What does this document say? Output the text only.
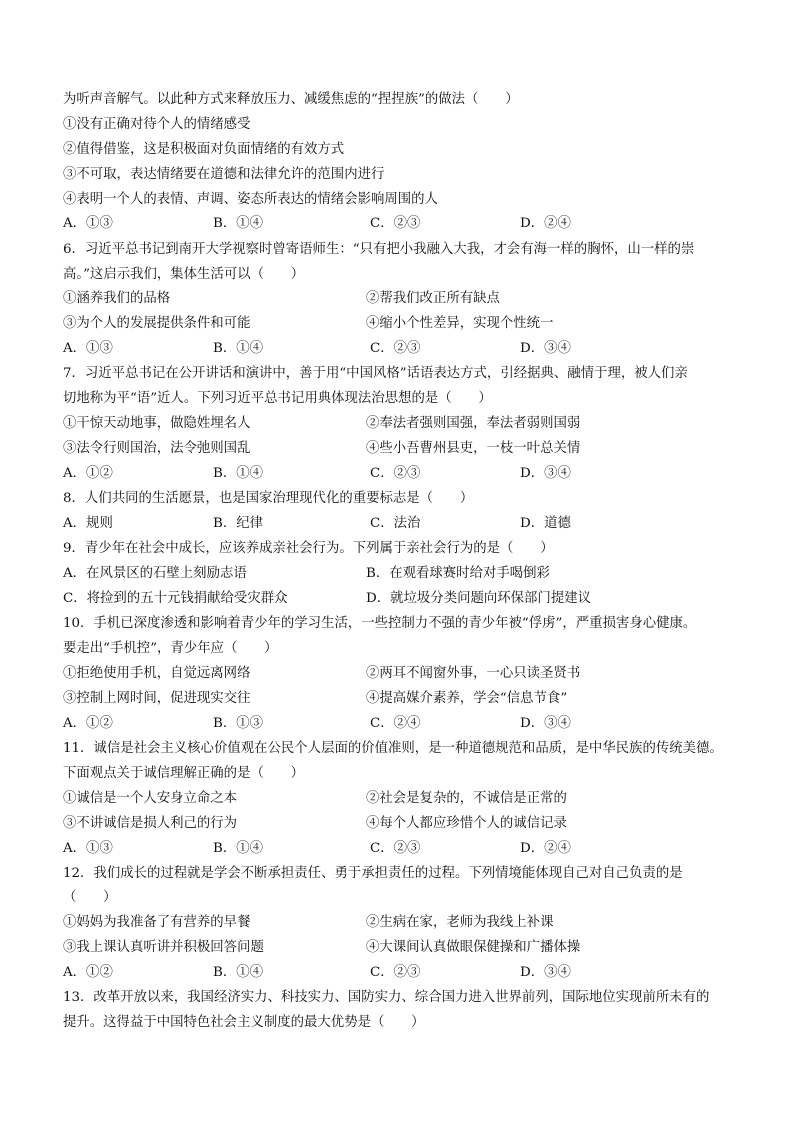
为听声音解气。以此种方式来释放压力、减缓焦虑的“捏捏族”的做法（　　）
①没有正确对待个人的情绪感受
②值得借鉴，这是积极面对负面情绪的有效方式
③不可取，表达情绪要在道德和法律允许的范围内进行
④表明一个人的表情、声调、姿态所表达的情绪会影响周围的人
A．①③	B．①④	C．②③	D．②④
6．习近平总书记到南开大学视察时曾寄语师生：“只有把小我融入大我，才会有海一样的胸怀，山一样的崇
高。”这启示我们，集体生活可以（　　）
①涵养我们的品格	②帮我们改正所有缺点
③为个人的发展提供条件和可能	④缩小个性差异，实现个性统一
A．①③	B．①④	C．②③	D．③④
7．习近平总书记在公开讲话和演讲中，善于用“中国风格”话语表达方式，引经据典、融情于理，被人们亲
切地称为平“语”近人。下列习近平总书记用典体现法治思想的是（　　）
①干惊天动地事，做隐姓埋名人	②奉法者强则国强，奉法者弱则国弱
③法令行则国治，法令弛则国乱	④些小吾曹州县吏，一枝一叶总关情
A．①②	B．①④	C．②③	D．③④
8．人们共同的生活愿景，也是国家治理现代化的重要标志是（　　）
A．规则	B．纪律	C．法治	D．道德
9．青少年在社会中成长，应该养成亲社会行为。下列属于亲社会行为的是（　　）
A．在风景区的石壁上刻励志语	B．在观看球赛时给对手喝倒彩
C．将捡到的五十元钱捐献给受灾群众	D．就垃圾分类问题向环保部门提建议
10．手机已深度渗透和影响着青少年的学习生活，一些控制力不强的青少年被“俘虏”，严重损害身心健康。
要走出“手机控”，青少年应（　　）
①拒绝使用手机，自觉远离网络	②两耳不闻窗外事，一心只读圣贤书
③控制上网时间，促进现实交往	④提高媒介素养，学会“信息节食”
A．①②	B．①③	C．②④	D．③④
11．诚信是社会主义核心价值观在公民个人层面的价值准则，是一种道德规范和品质，是中华民族的传统美德。
下面观点关于诚信理解正确的是（　　）
①诚信是一个人安身立命之本	②社会是复杂的，不诚信是正常的
③不讲诚信是损人利己的行为	④每个人都应珍惜个人的诚信记录
A．①③	B．①④	C．②③	D．②④
12．我们成长的过程就是学会不断承担责任、勇于承担责任的过程。下列情境能体现自己对自己负责的是
（　　）
①妈妈为我准备了有营养的早餐	②生病在家，老师为我线上补课
③我上课认真听讲并积极回答问题	④大课间认真做眼保健操和广播体操
A．①②	B．①④	C．②③	D．③④
13．改革开放以来，我国经济实力、科技实力、国防实力、综合国力进入世界前列，国际地位实现前所未有的
提升。这得益于中国特色社会主义制度的最大优势是（　　）
